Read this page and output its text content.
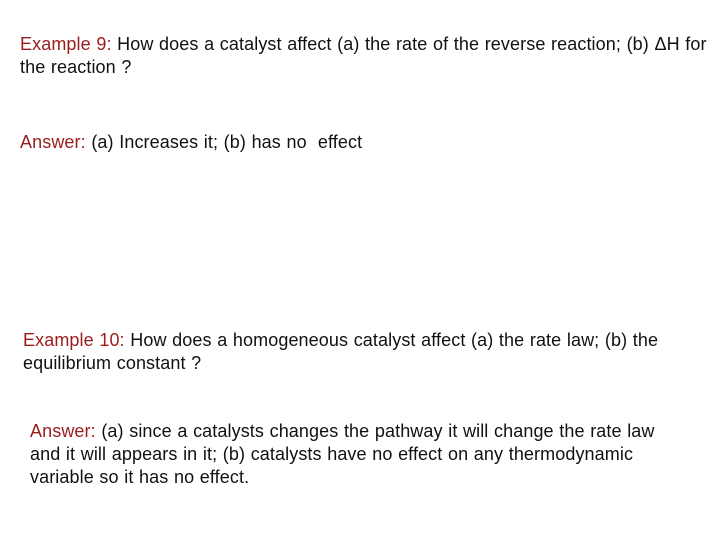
Example 9: How does a catalyst affect (a) the rate of the reverse reaction; (b) ΔH for the reaction ?
Answer: (a) Increases it; (b) has no  effect
Example 10: How does a homogeneous catalyst affect (a) the rate law; (b) the equilibrium constant ?
Answer: (a) since a catalysts changes the pathway it will change the rate law and it will appears in it; (b) catalysts have no effect on any thermodynamic variable so it has no effect.
